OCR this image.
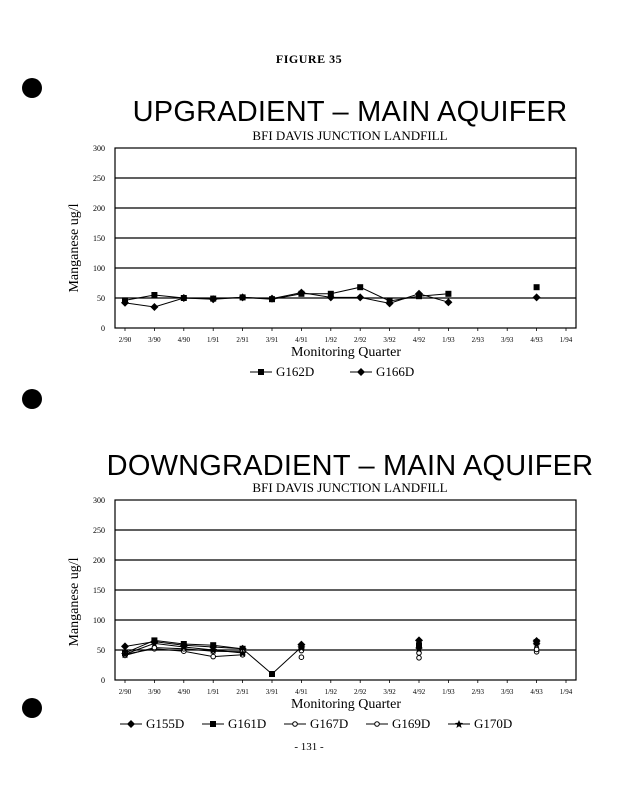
FIGURE 35
UPGRADIENT – MAIN AQUIFER
BFI DAVIS JUNCTION LANDFILL
Manganese ug/l
Monitoring Quarter
0
50
100
150
200
250
300
2/90 3/90 4/90 1/91 2/91 3/91 4/91 1/92 2/92 3/92 4/92 1/93 2/93 3/93 4/93 1/94
G162D	G166D
DOWNGRADIENT – MAIN AQUIFER
BFI DAVIS JUNCTION LANDFILL
Manganese ug/l
Monitoring Quarter
0
50
100
150
200
250
300
2/90 3/90 4/90 1/91 2/91 3/91 4/91 1/92 2/92 3/92 4/92 1/93 2/93 3/93 4/93 1/94
G155D	G161D	G167D	G169D	G170D
- 131 -
